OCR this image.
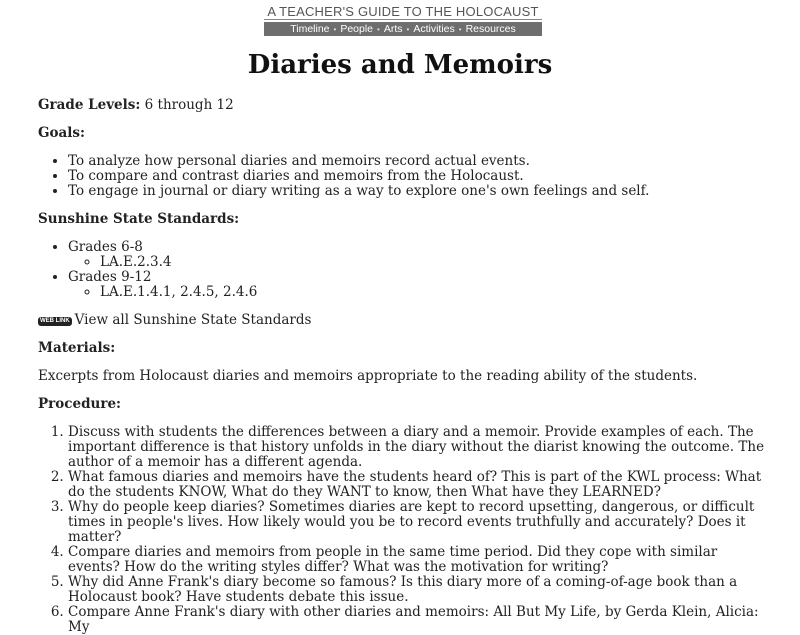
A TEACHER'S GUIDE TO THE HOLOCAUST
Timeline • People • Arts • Activities • Resources
Diaries and Memoirs

Grade Levels: 6 through 12

Goals:

• To analyze how personal diaries and memoirs record actual events.
• To compare and contrast diaries and memoirs from the Holocaust.
• To engage in journal or diary writing as a way to explore one's own feelings and self.

Sunshine State Standards:

• Grades 6-8
◦ LA.E.2.3.4
• Grades 9-12
◦ LA.E.1.4.1, 2.4.5, 2.4.6

WEB LINK View all Sunshine State Standards

Materials:

Excerpts from Holocaust diaries and memoirs appropriate to the reading ability of the students.

Procedure:

1. Discuss with students the differences between a diary and a memoir. Provide examples of each. The important difference is that history unfolds in the diary without the diarist knowing the outcome. The author of a memoir has a different agenda.
2. What famous diaries and memoirs have the students heard of? This is part of the KWL process: What do the students KNOW, What do they WANT to know, then What have they LEARNED?
3. Why do people keep diaries? Sometimes diaries are kept to record upsetting, dangerous, or difficult times in people's lives. How likely would you be to record events truthfully and accurately? Does it matter?
4. Compare diaries and memoirs from people in the same time period. Did they cope with similar events? How do the writing styles differ? What was the motivation for writing?
5. Why did Anne Frank's diary become so famous? Is this diary more of a coming-of-age book than a Holocaust book? Have students debate this issue.
6. Compare Anne Frank's diary with other diaries and memoirs: All But My Life, by Gerda Klein, Alicia: My
